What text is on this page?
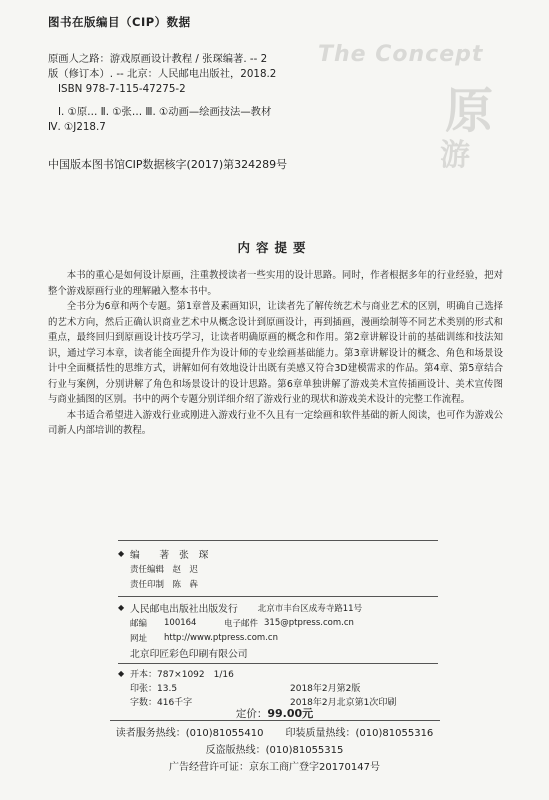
The Concept
原
游
图书在版编目（CIP）数据

原画人之路：游戏原画设计教程 / 张琛编著. -- 2

版（修订本）. -- 北京：人民邮电出版社，2018.2

ISBN 978-7-115-47275-2

Ⅰ. ①原… Ⅱ. ①张… Ⅲ. ①动画—绘画技法—教材

Ⅳ. ①J218.7

中国版本图书馆CIP数据核字(2017)第324289号
内容提要

本书的重心是如何设计原画，注重教授读者一些实用的设计思路。同时，作者根据多年的行业经验，把对整个游戏原画行业的理解融入整本书中。

全书分为6章和两个专题。第1章普及素画知识，让读者先了解传统艺术与商业艺术的区别，明确自己选择的艺术方向，然后正确认识商业艺术中从概念设计到原画设计，再到插画，漫画绘制等不同艺术类别的形式和重点，最终回归到原画设计技巧学习，让读者明确原画的概念和作用。第2章讲解设计前的基础训练和技法知识，通过学习本章，读者能全面提升作为设计师的专业绘画基础能力。第3章讲解设计的概念、角色和场景设计中全面概括性的思维方式，讲解如何有效地设计出既有美感又符合3D建模需求的作品。第4章、第5章结合行业与案例，分别讲解了角色和场景设计的设计思路。第6章单独讲解了游戏美术宣传插画设计、美术宣传图与商业插图的区别。书中的两个专题分别详细介绍了游戏行业的现状和游戏美术设计的完整工作流程。

本书适合希望进入游戏行业或刚进入游戏行业不久且有一定绘画和软件基础的新人阅读，也可作为游戏公司新人内部培训的教程。

◆ 编　　著　张　琛
责任编辑　赵　迟
责任印制　陈　犇
◆ 人民邮电出版社出版发行 北京市丰台区成寿寺路11号
邮编	100164	电子邮件 315@ptpress.com.cn
网址	http://www.ptpress.com.cn
北京印匠彩色印刷有限公司
◆ 开本：787×1092　1/16
印张：13.5	2018年2月第2版
字数：416千字	2018年2月北京第1次印刷
定价：99.00元
读者服务热线：(010)81055410 印装质量热线：(010)81055316
反盗版热线：(010)81055315
广告经营许可证：京东工商广登字20170147号
